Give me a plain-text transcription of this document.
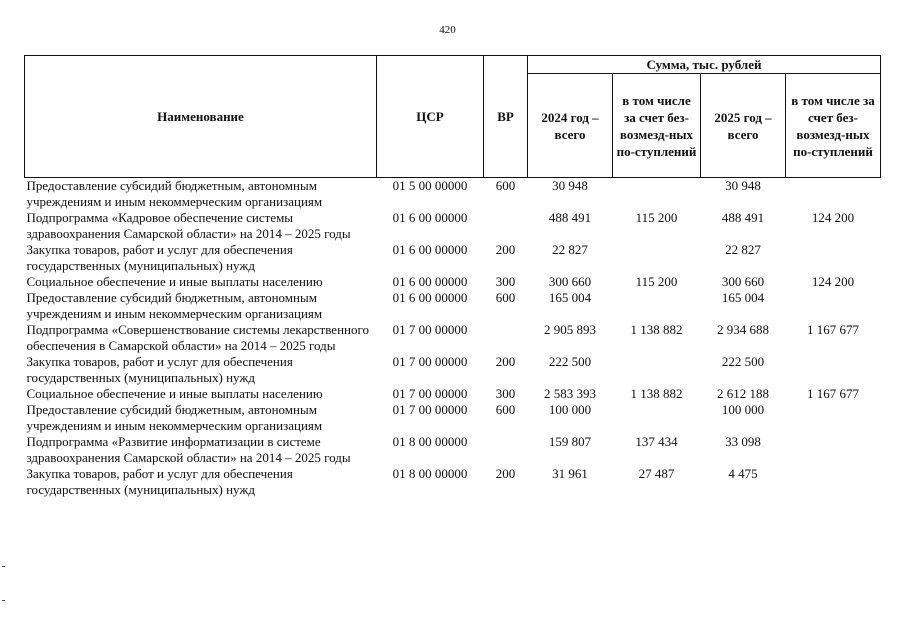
420
Наименование	ЦСР	ВР	Сумма, тыс. рублей			
			2024 год – всего	в том числе за счет без-возмезд-ных по-ступлений	2025 год – всего	в том числе за счет без-возмезд-ных по-ступлений
Предоставление субсидий бюджетным, автономным учреждениям и иным некоммерческим организациям	01 5 00 00000	600	30 948		30 948	
Подпрограмма «Кадровое обеспечение системы здравоохранения Самарской области» на 2014 – 2025 годы	01 6 00 00000		488 491	115 200	488 491	124 200
Закупка товаров, работ и услуг для обеспечения государственных (муниципальных) нужд	01 6 00 00000	200	22 827		22 827	
Социальное обеспечение и иные выплаты населению	01 6 00 00000	300	300 660	115 200	300 660	124 200
Предоставление субсидий бюджетным, автономным учреждениям и иным некоммерческим организациям	01 6 00 00000	600	165 004		165 004	
Подпрограмма «Совершенствование системы лекарственного обеспечения в Самарской области» на 2014 – 2025 годы	01 7 00 00000		2 905 893	1 138 882	2 934 688	1 167 677
Закупка товаров, работ и услуг для обеспечения государственных (муниципальных) нужд	01 7 00 00000	200	222 500		222 500	
Социальное обеспечение и иные выплаты населению	01 7 00 00000	300	2 583 393	1 138 882	2 612 188	1 167 677
Предоставление субсидий бюджетным, автономным учреждениям и иным некоммерческим организациям	01 7 00 00000	600	100 000		100 000	
Подпрограмма «Развитие информатизации в системе здравоохранения Самарской области» на 2014 – 2025 годы	01 8 00 00000		159 807	137 434	33 098	
Закупка товаров, работ и услуг для обеспечения государственных (муниципальных) нужд	01 8 00 00000	200	31 961	27 487	4 475	
